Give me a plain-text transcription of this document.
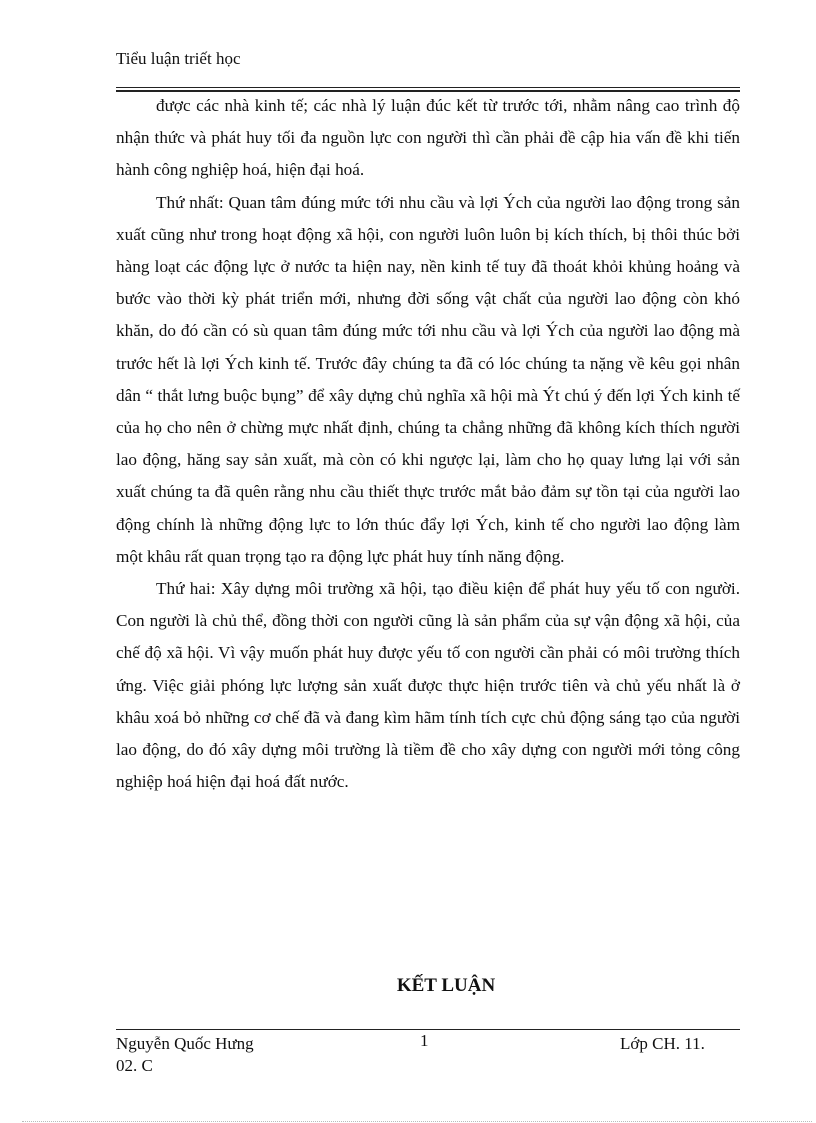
Tiểu luận triết học

được các nhà kinh tế; các nhà lý luận đúc kết từ trước tới, nhằm nâng cao trình độ nhận thức và phát huy tối đa nguồn lực con người thì cần phải đề cập hia vấn đề khi tiến hành công nghiệp hoá, hiện đại hoá.

Thứ nhất: Quan tâm đúng mức tới nhu cầu và lợi Ých của người lao động trong sản xuất cũng như trong hoạt động xã hội, con người luôn luôn bị kích thích, bị thôi thúc bởi hàng loạt các động lực ở nước ta hiện nay, nền kinh tế tuy đã thoát khỏi khủng hoảng và bước vào thời kỳ phát triển mới, nhưng đời sống vật chất của người lao động còn khó khăn, do đó cần có sù quan tâm đúng mức tới nhu cầu và lợi Ých của người lao động mà trước hết là lợi Ých kinh tế. Trước đây chúng ta đã có lóc chúng ta nặng về kêu gọi nhân dân “ thắt lưng buộc bụng” để xây dựng chủ nghĩa xã hội mà Ýt chú ý đến lợi Ých kinh tế của họ cho nên ở chừng mực nhất định, chúng ta chẳng những đã không kích thích người lao động, hăng say sản xuất, mà còn có khi ngược lại, làm cho họ quay lưng lại với sản xuất chúng ta đã quên rằng nhu cầu thiết thực trước mắt bảo đảm sự tồn tại của người lao động chính là những động lực to lớn thúc đẩy lợi Ých, kinh tế cho người lao động làm một khâu rất quan trọng tạo ra động lực phát huy tính năng động.

Thứ hai: Xây dựng môi trường xã hội, tạo điều kiện để phát huy yếu tố con người. Con người là chủ thể, đồng thời con người cũng là sản phẩm của sự vận động xã hội, của chế độ xã hội. Vì vậy muốn phát huy được yếu tố con người cần phải có môi trường thích ứng. Việc giải phóng lực lượng sản xuất được thực hiện trước tiên và chủ yếu nhất là ở khâu xoá bỏ những cơ chế đã và đang kìm hãm tính tích cực chủ động sáng tạo của người lao động, do đó xây dựng môi trường là tiềm đề cho xây dựng con người mới tỏng công nghiệp hoá hiện đại hoá đất nước.

KẾT LUẬN
Nguyễn Quốc Hưng
02. C
1	Lớp CH. 11.
